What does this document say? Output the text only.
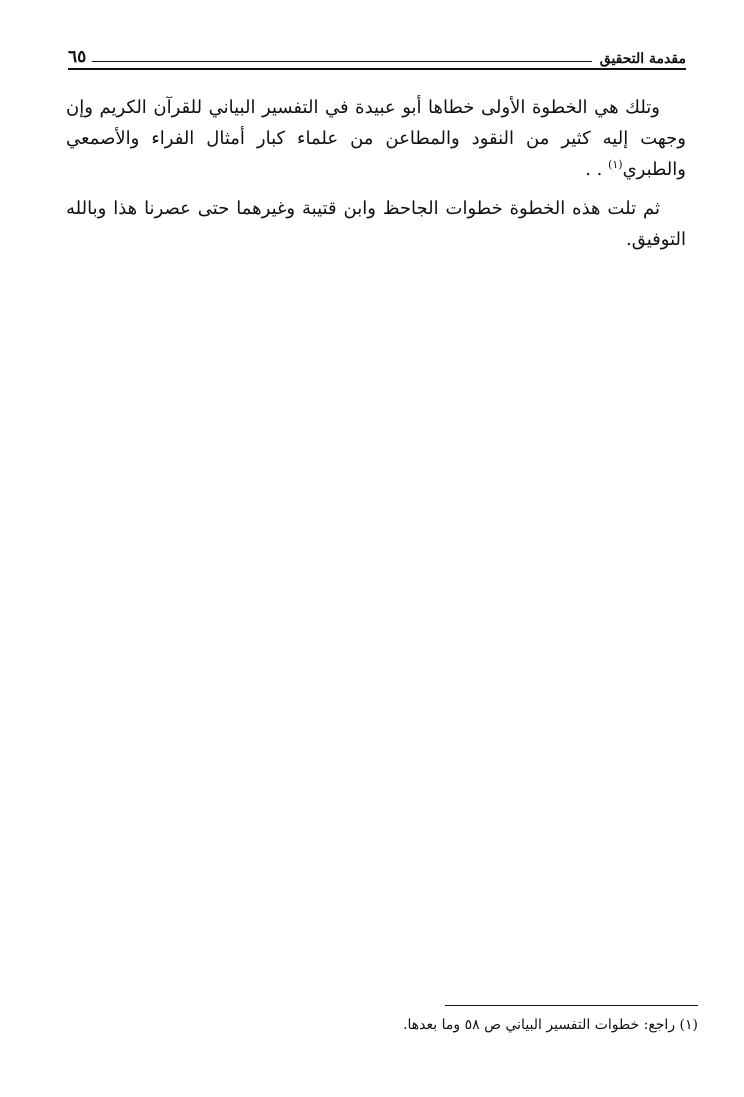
مقدمة التحقيق
٦٥

وتلك هي الخطوة الأولى خطاها أبو عبيدة في التفسير البياني للقرآن الكريم وإن وجهت إليه كثير من النقود والمطاعن من علماء كبار أمثال الفراء والأصمعي والطبري$^{(١)}$ . .

ثم تلت هذه الخطوة خطوات الجاحظ وابن قتيبة وغيرهما حتى عصرنا هذا وبالله التوفيق.

(١) راجع: خطوات التفسير البياني ص ٥٨ وما بعدها.
